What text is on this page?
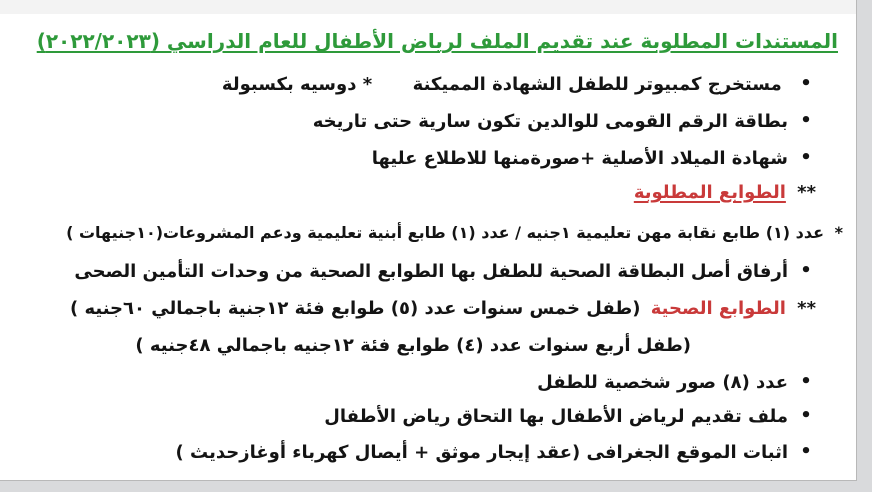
المستندات المطلوبة عند تقديم الملف لرياض الأطفال للعام الدراسي (٢٠٢٢/٢٠٢٣)
• مستخرج كمبيوتر للطفل الشهادة المميكنة  * دوسيه بكسبولة
• بطاقة الرقم القومى للوالدين تكون سارية حتى تاريخه
• شهادة الميلاد الأصلية +صورةمنها للاطلاع عليها
** الطوابع المطلوبة
* عدد (١) طابع نقابة مهن تعليمية ١جنيه / عدد (١) طابع أبنية تعليمية ودعم المشروعات(١٠جنيهات )
• أرفاق أصل البطاقة الصحية للطفل بها الطوابع الصحية من وحدات التأمين الصحى
** الطوابع الصحية (طفل خمس سنوات عدد (٥) طوابع فئة ١٢جنية باجمالي ٦٠جنيه )
(طفل أربع سنوات عدد (٤) طوابع فئة ١٢جنيه باجمالي ٤٨جنيه )
• عدد (٨) صور شخصية للطفل
• ملف تقديم لرياض الأطفال بها التحاق رياض الأطفال
• اثبات الموقع الجغرافى (عقد إيجار موثق + أيصال كهرباء أوغازحديث )
